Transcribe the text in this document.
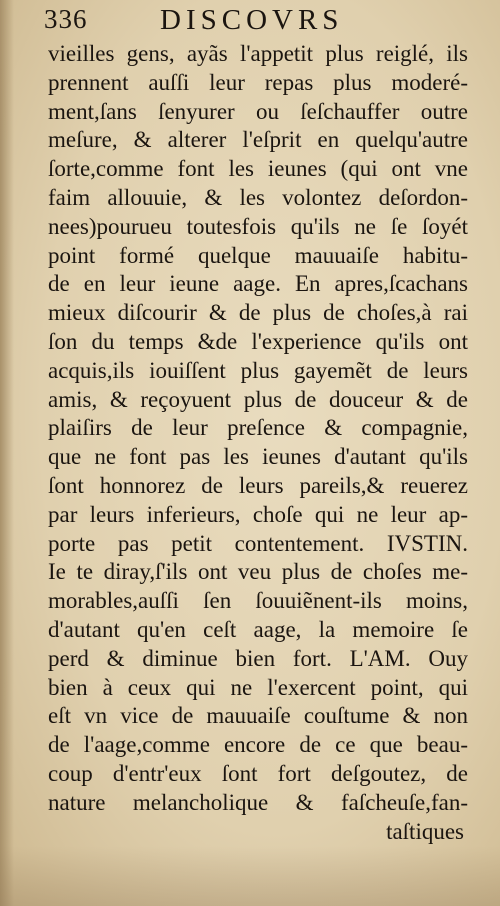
336	DISCOVRS
vieilles gens, ayãs l'appetit plus reiglé, ils
prennent auſſi leur repas plus moderé-
ment,ſans ſenyurer ou ſeſchauffer outre
meſure, & alterer l'eſprit en quelqu'autre
ſorte,comme font les ieunes (qui ont vne
faim allouuie, & les volontez deſordon-
nees)pourueu toutesfois qu'ils ne ſe ſoyét
point formé quelque mauuaiſe habitu-
de en leur ieune aage. En apres,ſcachans
mieux diſcourir & de plus de choſes,à rai
ſon du temps &de l'experience qu'ils ont
acquis,ils iouiſſent plus gayemẽt de leurs
amis, & reçoyuent plus de douceur & de
plaiſirs de leur preſence & compagnie,
que ne font pas les ieunes d'autant qu'ils
ſont honnorez de leurs pareils,& reuerez
par leurs inferieurs, choſe qui ne leur ap-
porte pas petit contentement. IVSTIN.
Ie te diray,ſ'ils ont veu plus de choſes me-
morables,auſſi ſen ſouuiẽnent-ils moins,
d'autant qu'en ceſt aage, la memoire ſe
perd & diminue bien fort. L'AM. Ouy
bien à ceux qui ne l'exercent point, qui
eſt vn vice de mauuaiſe couſtume & non
de l'aage,comme encore de ce que beau-
coup d'entr'eux ſont fort deſgoutez, de
nature melancholique & faſcheuſe,fan-
taſtiques
